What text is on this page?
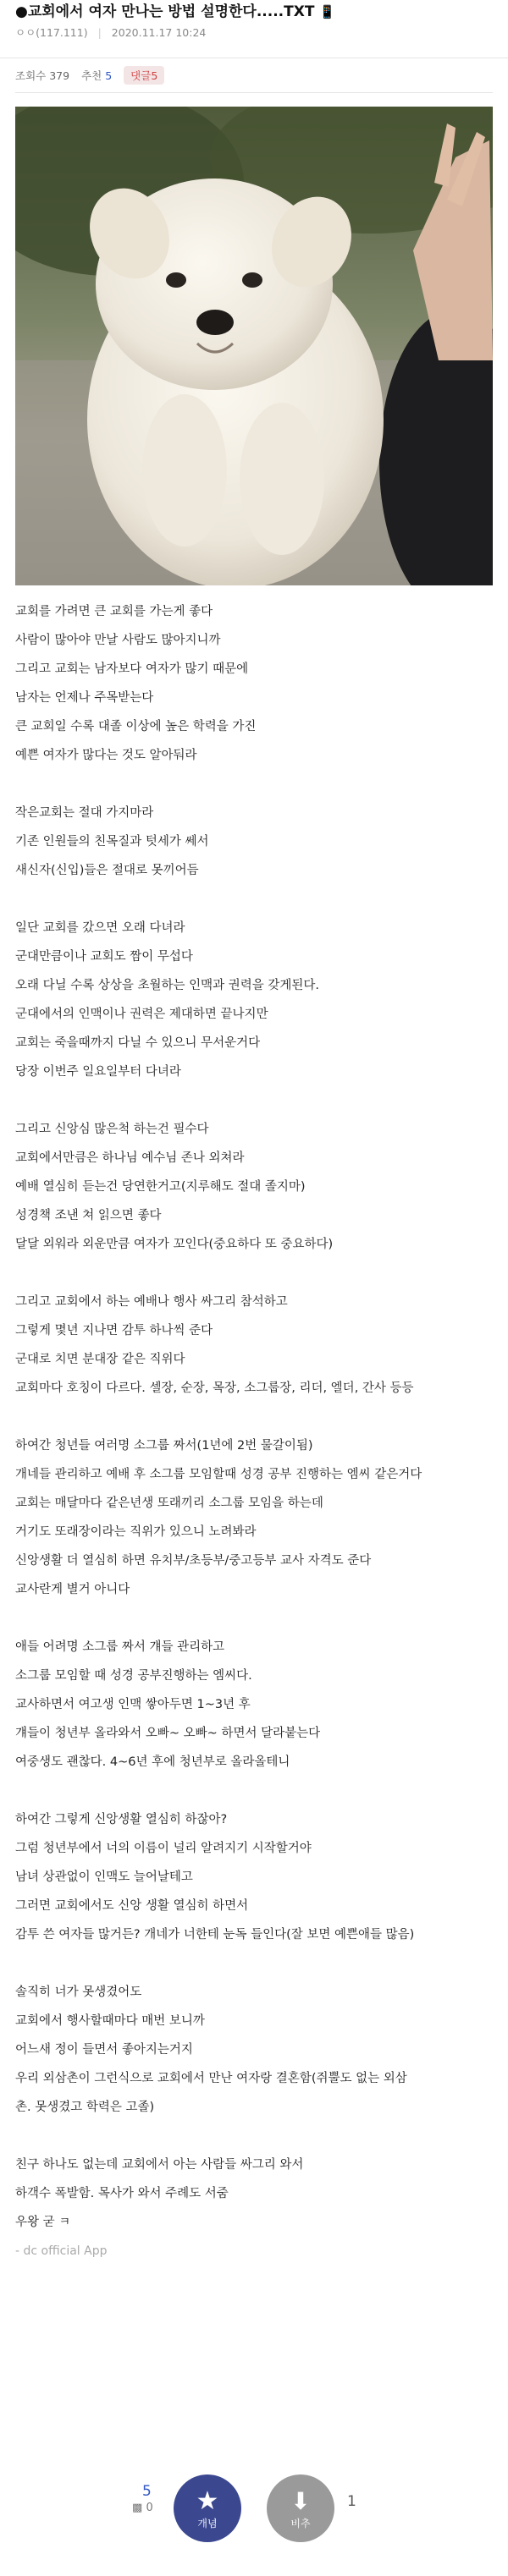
●교회에서 여자 만나는 방법 설명한다.....TXT 📱
ㅇㅇ(117.111) | 2020.11.17 10:24
조회수 379 추천 5	댓글5
교회를 가려면 큰 교회를 가는게 좋다
사람이 많아야 만날 사람도 많아지니까
그리고 교회는 남자보다 여자가 많기 때문에
남자는 언제나 주목받는다
큰 교회일 수록 대졸 이상에 높은 학력을 가진
예쁜 여자가 많다는 것도 알아둬라
작은교회는 절대 가지마라
기존 인원들의 친목질과 텃세가 쎄서
새신자(신입)들은 절대로 못끼어듬
일단 교회를 갔으면 오래 다녀라
군대만큼이나 교회도 짬이 무섭다
오래 다닐 수록 상상을 초월하는 인맥과 권력을 갖게된다.
군대에서의 인맥이나 권력은 제대하면 끝나지만
교회는 죽을때까지 다닐 수 있으니 무서운거다
당장 이번주 일요일부터 다녀라
그리고 신앙심 많은척 하는건 필수다
교회에서만큼은 하나님 예수님 존나 외쳐라
예배 열심히 듣는건 당연한거고(지루해도 절대 졸지마)
성경책 조낸 쳐 읽으면 좋다
달달 외워라 외운만큼 여자가 꼬인다(중요하다 또 중요하다)
그리고 교회에서 하는 예배나 행사 싸그리 참석하고
그렇게 몇년 지나면 감투 하나씩 준다
군대로 치면 분대장 같은 직위다
교회마다 호칭이 다르다. 셀장, 순장, 목장, 소그룹장, 리더, 엘더, 간사 등등
하여간 청년들 여러명 소그룹 짜서(1년에 2번 물갈이됨)
개네들 관리하고 예배 후 소그룹 모임할때 성경 공부 진행하는 엠씨 같은거다
교회는 매달마다 같은년생 또래끼리 소그룹 모임을 하는데
거기도 또래장이라는 직위가 있으니 노려봐라
신앙생활 더 열심히 하면 유치부/초등부/중고등부 교사 자격도 준다
교사란게 별거 아니다
애들 어려명 소그룹 짜서 걔들 관리하고
소그룹 모임할 때 성경 공부진행하는 엠씨다.
교사하면서 여고생 인맥 쌓아두면 1~3년 후
걔들이 청년부 올라와서 오빠~ 오빠~ 하면서 달라붙는다
여중생도 괜찮다. 4~6년 후에 청년부로 올라올테니
하여간 그렇게 신앙생활 열심히 하잖아?
그럼 청년부에서 너의 이름이 널리 알려지기 시작할거야
남녀 상관없이 인맥도 늘어날테고
그러면 교회에서도 신앙 생활 열심히 하면서
감투 쓴 여자들 많거든? 개네가 너한테 눈독 들인다(잘 보면 예쁜애들 많음)
솔직히 너가 못생겼어도
교회에서 행사할때마다 매번 보니까
어느새 정이 들면서 좋아지는거지
우리 외삼촌이 그런식으로 교회에서 만난 여자랑 결혼함(쥐뿔도 없는 외삼
촌. 못생겼고 학력은 고졸)
친구 하나도 없는데 교회에서 아는 사람들 싸그리 와서
하객수 폭발함. 목사가 와서 주례도 서줌
우왕 굳 ㅋ
- dc official App
5
▩ 0 ★
개념
⬇
비추
1
